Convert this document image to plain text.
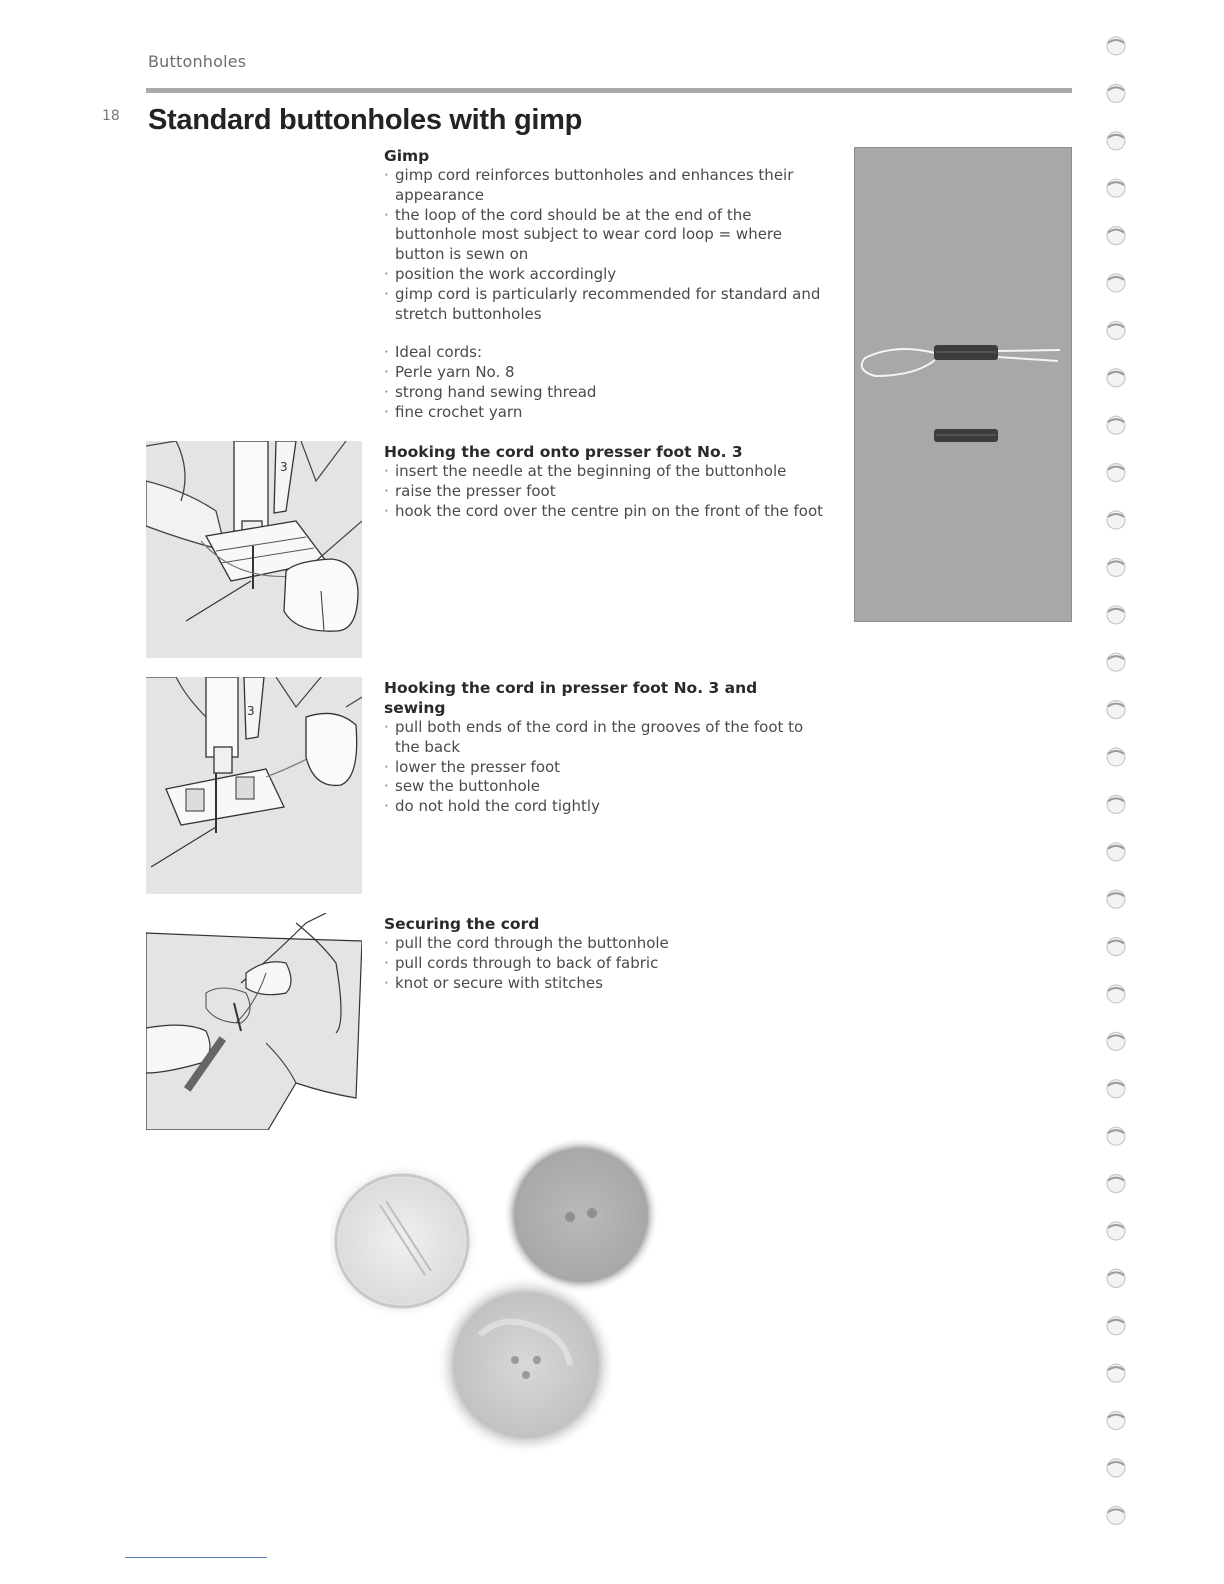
Buttonholes
18 Standard buttonholes with gimp
Gimp
· gimp cord reinforces buttonholes and enhances their appearance
· the loop of the cord should be at the end of the buttonhole most subject to wear cord loop = where button is sewn on
· position the work accordingly
· gimp cord is particularly recommended for standard and stretch buttonholes
· Ideal cords:
· Perle yarn No. 8
· strong hand sewing thread
· fine crochet yarn
Hooking the cord onto presser foot No. 3
· insert the needle at the beginning of the buttonhole
· raise the presser foot
· hook the cord over the centre pin on the front of the foot
Hooking the cord in presser foot No. 3 and sewing
· pull both ends of the cord in the grooves of the foot to the back
· lower the presser foot
· sew the buttonhole
· do not hold the cord tightly
Securing the cord
· pull the cord through the buttonhole
· pull cords through to back of fabric
· knot or secure with stitches
3
3
